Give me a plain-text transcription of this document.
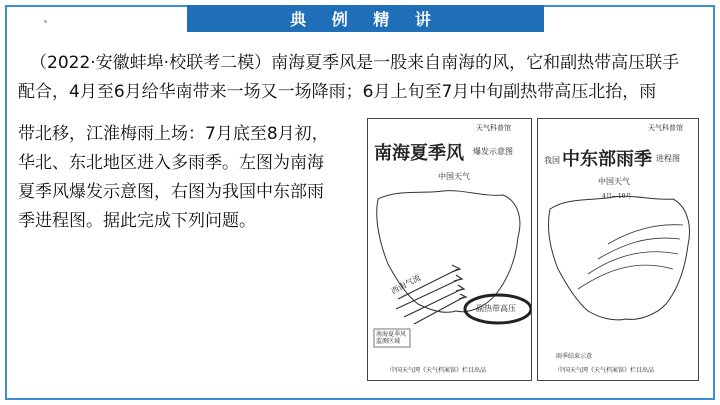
典 例 精 讲

（2022·安徽蚌埠·校联考二模）南海夏季风是一股来自南海的风，它和副热带高压联手

配合，4月至6月给华南带来一场又一场降雨；6月上旬至7月中旬副热带高压北抬，雨

带北移，江淮梅雨上场：7月底至8月初，
华北、东北地区进入多雨季。左图为南海
夏季风爆发示意图，右图为我国中东部雨
季进程图。据此完成下列问题。
天气科普馆
南海夏季风 爆发示意图
中国天气
西南气流
副热带高压
南海夏季风
监测区域
中国天气网《天气档案馆》栏目出品
天气科普馆
我国 中东部雨季 进程图
中国天气
4月—10月
雨季结束示意
中国天气网《天气档案馆》栏目出品
